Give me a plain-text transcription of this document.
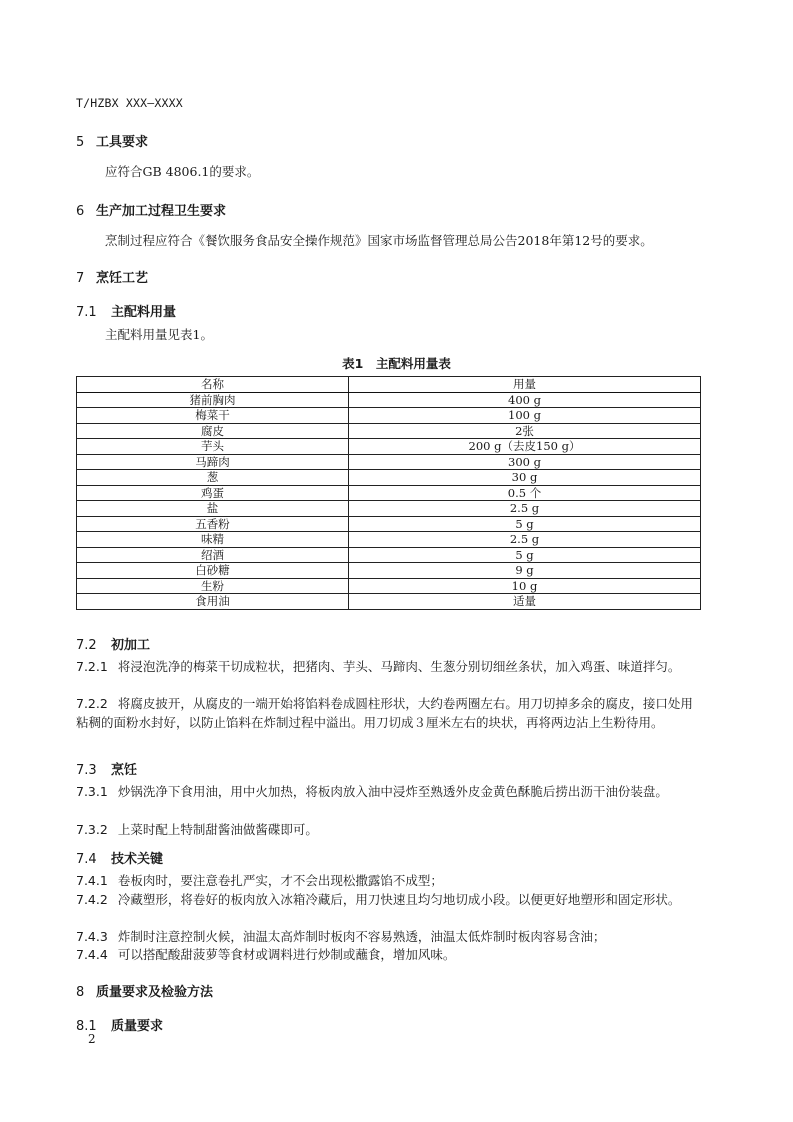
T/HZBX XXX—XXXX
5 工具要求
应符合GB 4806.1的要求。
6 生产加工过程卫生要求
烹制过程应符合《餐饮服务食品安全操作规范》国家市场监督管理总局公告2018年第12号的要求。
7 烹饪工艺
7.1 主配料用量
主配料用量见表1。
表1　主配料用量表
名称	用量
猪前胸肉	400 g
梅菜干	100 g
腐皮	2张
芋头	200 g（去皮150 g）
马蹄肉	300 g
葱	30 g
鸡蛋	0.5 个
盐	2.5 g
五香粉	5 g
味精	2.5 g
绍酒	5 g
白砂糖	9 g
生粉	10 g
食用油	适量
7.2 初加工
7.2.1 将浸泡洗净的梅菜干切成粒状，把猪肉、芋头、马蹄肉、生葱分别切细丝条状，加入鸡蛋、味道拌匀。
7.2.2 将腐皮披开，从腐皮的一端开始将馅料卷成圆柱形状，大约卷两圈左右。用刀切掉多余的腐皮，接口处用粘稠的面粉水封好，以防止馅料在炸制过程中溢出。用刀切成３厘米左右的块状，再将两边沾上生粉待用。
7.3 烹饪
7.3.1 炒锅洗净下食用油，用中火加热，将板肉放入油中浸炸至熟透外皮金黄色酥脆后捞出沥干油份装盘。
7.3.2 上菜时配上特制甜酱油做酱碟即可。
7.4 技术关键
7.4.1 卷板肉时，要注意卷扎严实，才不会出现松撒露馅不成型；
7.4.2 冷藏塑形，将卷好的板肉放入冰箱冷藏后，用刀快速且均匀地切成小段。以便更好地塑形和固定形状。
7.4.3 炸制时注意控制火候，油温太高炸制时板肉不容易熟透，油温太低炸制时板肉容易含油；
7.4.4 可以搭配酸甜菠萝等食材或调料进行炒制或蘸食，增加风味。
8 质量要求及检验方法
8.1 质量要求
2
